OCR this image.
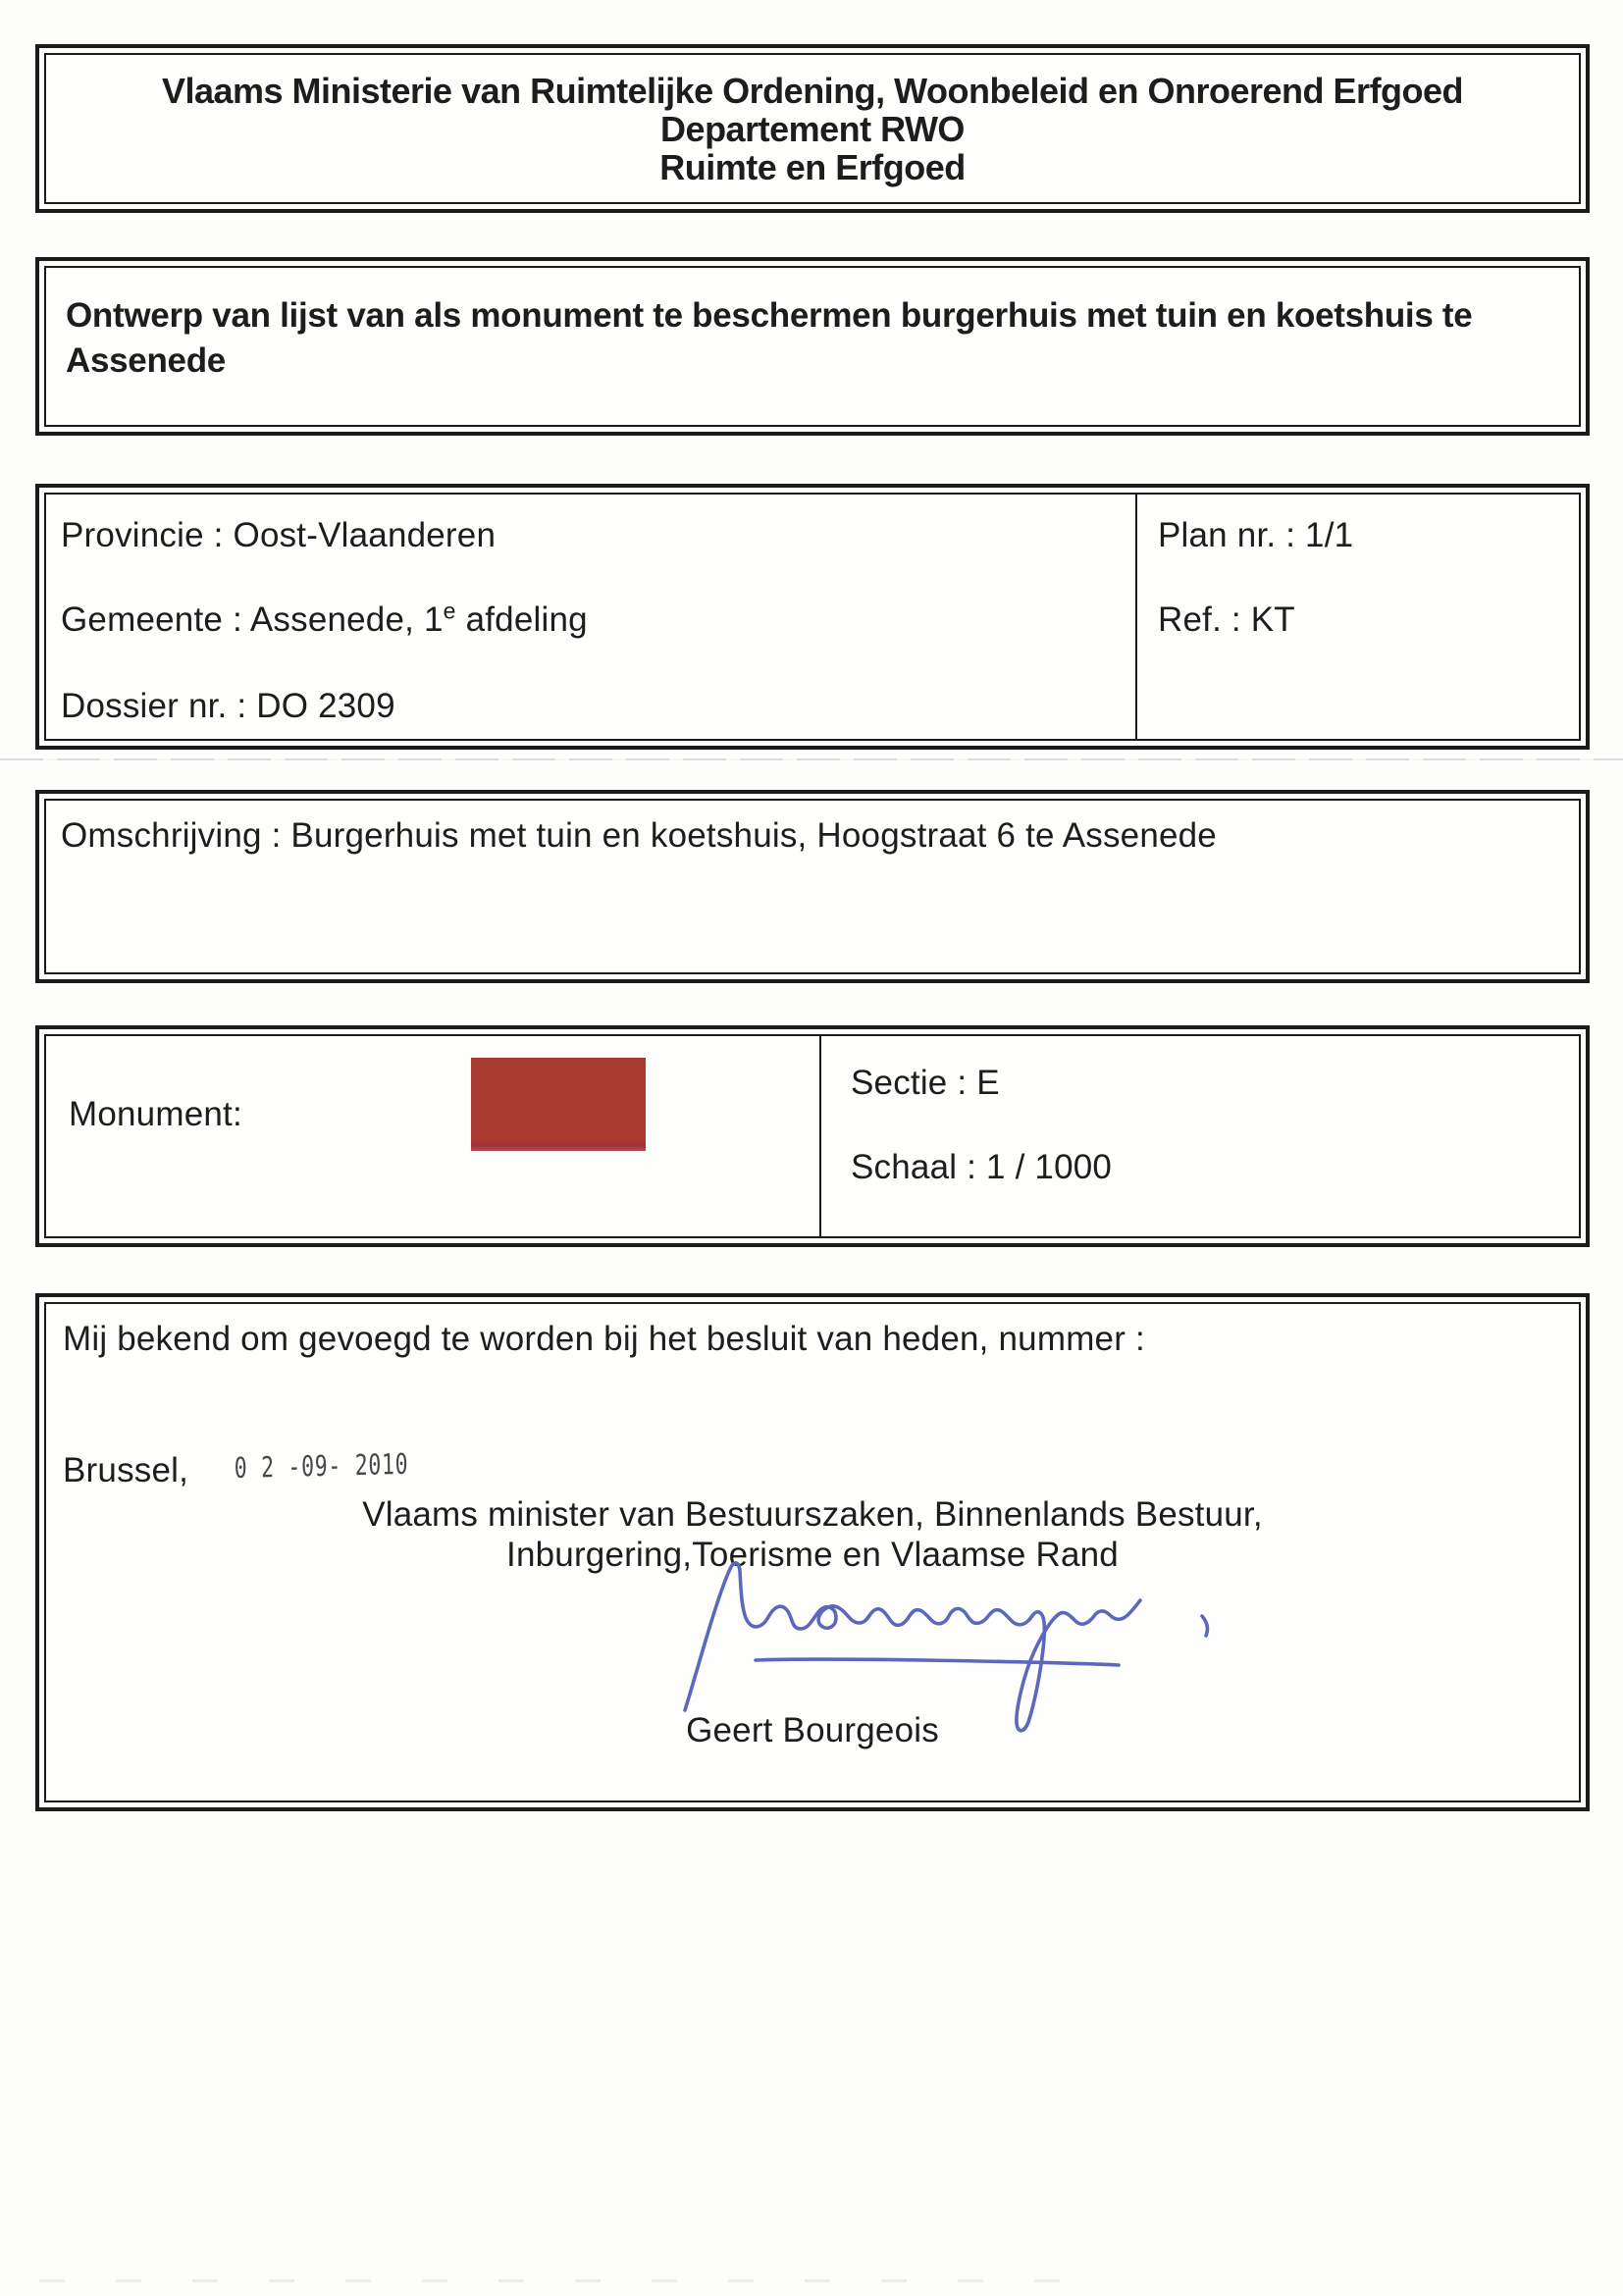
Vlaams Ministerie van Ruimtelijke Ordening, Woonbeleid en Onroerend Erfgoed
Departement RWO
Ruimte en Erfgoed
Ontwerp van lijst van als monument te beschermen burgerhuis met tuin en koetshuis te Assenede
Provincie : Oost-Vlaanderen
Gemeente : Assenede, 1e afdeling
Dossier nr. : DO 2309
Plan nr. : 1/1
Ref. : KT
Omschrijving : Burgerhuis met tuin en koetshuis, Hoogstraat 6 te Assenede
Monument:
Sectie : E
Schaal : 1 / 1000
Mij bekend om gevoegd te worden bij het besluit van heden, nummer :
Brussel, 0 2 -09- 2010
Vlaams minister van Bestuurszaken, Binnenlands Bestuur,
Inburgering,Toerisme en Vlaamse Rand
Geert Bourgeois
